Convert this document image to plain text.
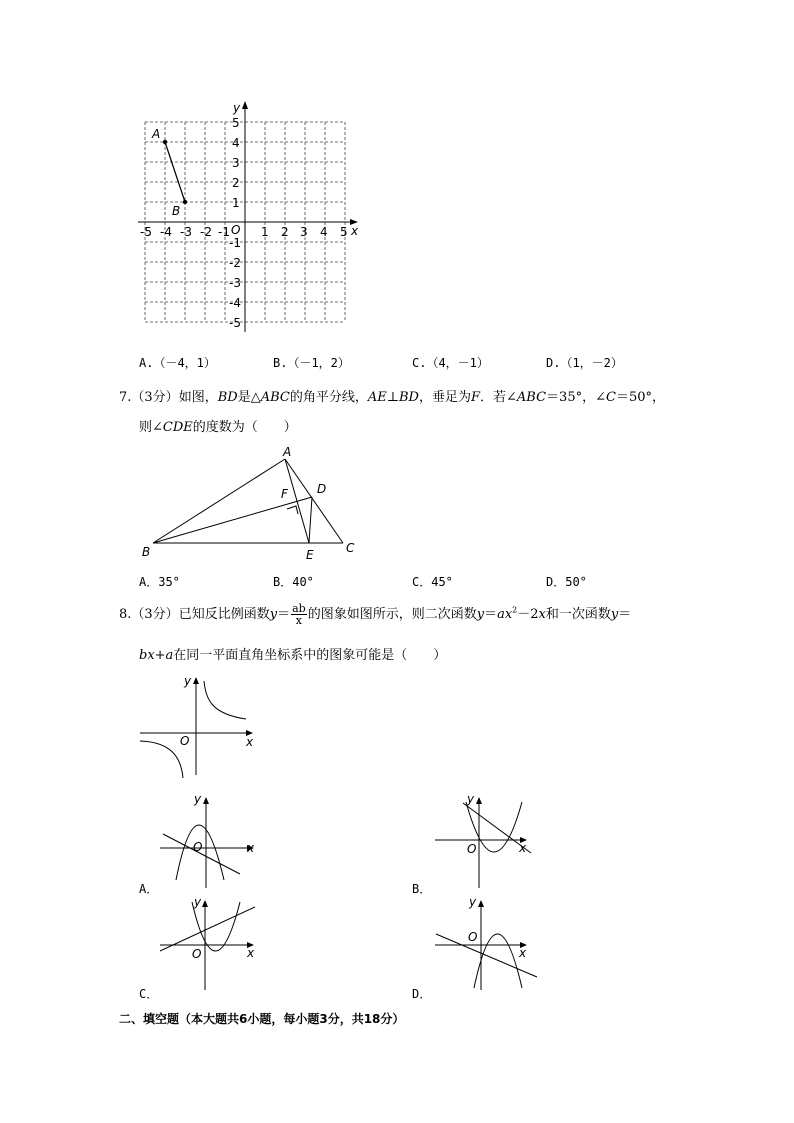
x
y
O
-5 -4 -3 -2 -1	1 2 3 4 5
5
4
3
2
1
-1
-2
-3
-4
-5
A
B
A.（－4，1）	B.（－1，2）	C.（4，－1）	D.（1，－2）
7.（3分）如图，BD是△ABC的角平分线，AE⊥BD，垂足为F．若∠ABC＝35°，∠C＝50°，
则∠CDE的度数为（　　）
A
B	C
D
E
F
A．35°	B．40°	C．45°	D．50°
8.（3分）已知反比例函数$y= \frac{ab}{x}$ 的图象如图所示，则二次函数$y=ax^2-2x$和一次函数y＝
bx+a在同一平面直角坐标系中的图象可能是（　　）
x
y
O
x
y
O	x
y
O
A．	B．
x
y
O	x
y
O
C．	D．
二、填空题（本大题共6小题，每小题3分，共18分）
